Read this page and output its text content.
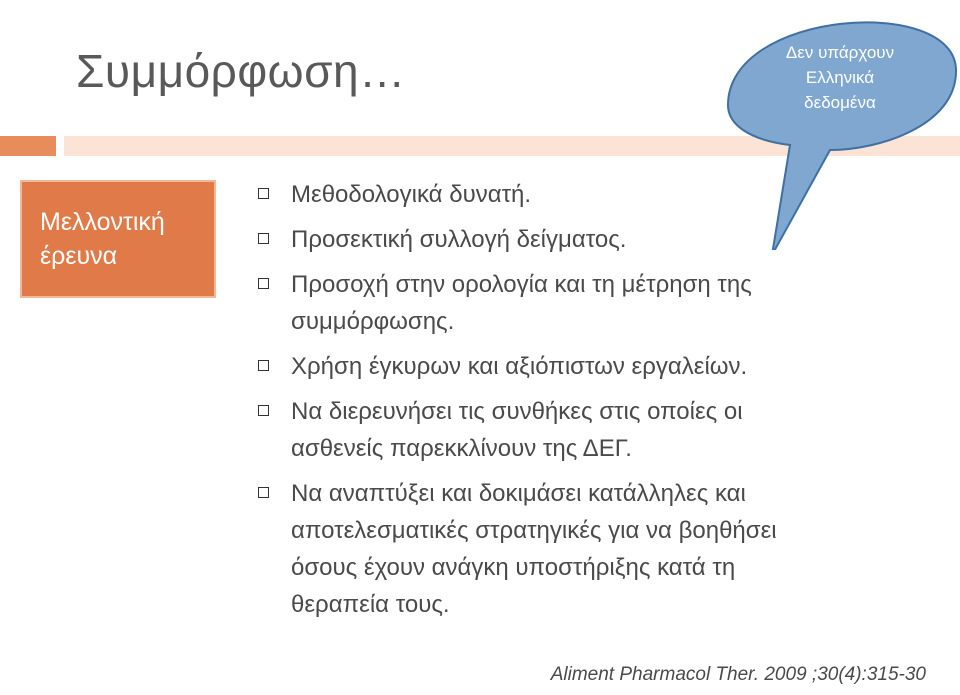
Συμμόρφωση…
Μελλοντική
έρευνα
Μεθοδολογικά δυνατή.
Προσεκτική συλλογή δείγματος.
Προσοχή στην ορολογία και τη μέτρηση της
συμμόρφωσης.
Χρήση έγκυρων και αξιόπιστων εργαλείων.
Να διερευνήσει τις συνθήκες στις οποίες οι
ασθενείς παρεκκλίνουν της ΔΕΓ.
Να αναπτύξει και δοκιμάσει κατάλληλες και
αποτελεσματικές στρατηγικές για να βοηθήσει
όσους έχουν ανάγκη υποστήριξης κατά τη
θεραπεία τους.
Δεν υπάρχουν
Ελληνικά
δεδομένα
Aliment Pharmacol Ther. 2009 ;30(4):315-30
